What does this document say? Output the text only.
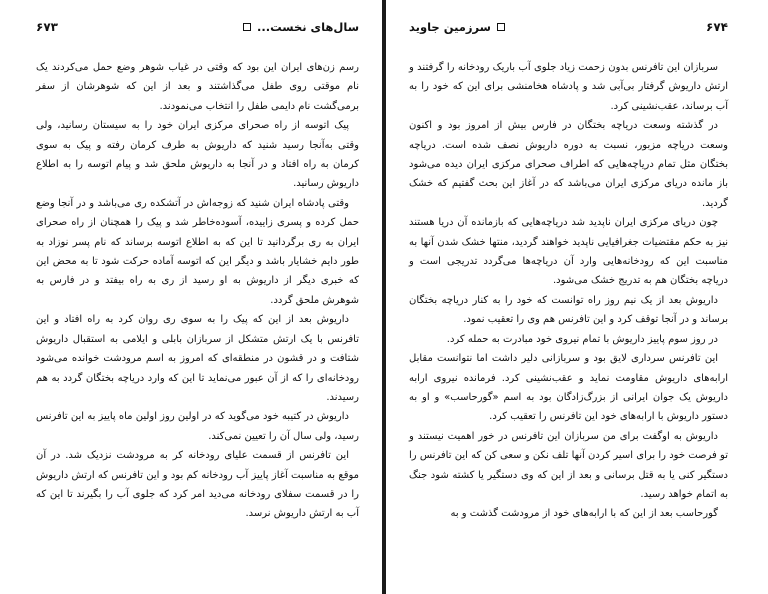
سال‌های نخست...
۶۷۳

رسم زن‌های ایران این بود که وقتی در غیاب شوهر وضع حمل می‌کردند یک نام موقتی روی طفل می‌گذاشتند و بعد از این که شوهرشان از سفر برمی‌گشت نام دایمی طفل را انتخاب می‌نمودند.

پیک اتوسه از راه صحرای مرکزی ایران خود را به سیستان رسانید، ولی وقتی به‌آنجا رسید شنید که داریوش به طرف کرمان رفته و پیک به سوی کرمان به راه افتاد و در آنجا به داریوش ملحق شد و پیام اتوسه را به اطلاع داریوش رسانید.

وقتی پادشاه ایران شنید که زوجه‌اش در آتشکده ری می‌باشد و در آنجا وضع حمل کرده و پسری زاییده، آسوده‌خاطر شد و پیک را همچنان از راه صحرای ایران به ری برگردانید تا این که به اطلاع اتوسه برساند که نام پسر نوزاد به طور دایم خشایار باشد و دیگر این که اتوسه آماده حرکت شود تا به محض این که خبری دیگر از داریوش به او رسید از ری به راه بیفتد و در فارس به شوهرش ملحق گردد.

داریوش بعد از این که پیک را به سوی ری روان کرد به راه افتاد و این تافرنس با یک ارتش متشکل از سربازان بابلی و ایلامی به استقبال داریوش شتافت و در قشون در منطقه‌ای که امروز به اسم مرودشت خوانده می‌شود رودخانه‌ای را که از آن عبور می‌نماید تا این که وارد دریاچه بختگان گردد به هم رسیدند.

داریوش در کتیبه خود می‌گوید که در اولین روز اولین ماه پاییز به این تافرنس رسید، ولی سال آن را تعیین نمی‌کند.

این تافرنس از قسمت علیای رودخانه کر به مرودشت نزدیک شد. در آن موقع به مناسبت آغاز پاییز آب رودخانه کم بود و این تافرنس که ارتش داریوش را در قسمت سفلای رودخانه می‌دید امر کرد که جلوی آب را بگیرند تا این که آب به ارتش داریوش نرسد.

۶۷۴
سرزمین جاوید

سربازان این تافرنس بدون زحمت زیاد جلوی آب باریک رودخانه را گرفتند و ارتش داریوش گرفتار بی‌آبی شد و پادشاه هخامنشی برای این که خود را به آب برساند، عقب‌نشینی کرد.

در گذشته وسعت دریاچه بختگان در فارس بیش از امروز بود و اکنون وسعت دریاچه مزبور، نسبت به دوره داریوش نصف شده است. دریاچه بختگان مثل تمام دریاچه‌هایی که اطراف صحرای مرکزی ایران دیده می‌شود باز مانده دریای مرکزی ایران می‌باشد که در آغاز این بحث گفتیم که خشک گردید.

چون دریای مرکزی ایران ناپدید شد دریاچه‌هایی که بازمانده آن دریا هستند نیز به حکم مقتضیات جغرافیایی ناپدید خواهند گردید، منتها خشک شدن آنها به مناسبت این که رودخانه‌هایی وارد آن دریاچه‌ها می‌گردد تدریجی است و دریاچه بختگان هم به تدریج خشک می‌شود.

داریوش بعد از یک نیم روز راه توانست که خود را به کنار دریاچه بختگان برساند و در آنجا توقف کرد و این تافرنس هم وی را تعقیب نمود.

در روز سوم پاییز داریوش با تمام نیروی خود مبادرت به حمله کرد.

این تافرنس سرداری لایق بود و سربازانی دلیر داشت اما نتوانست مقابل ارابه‌های داریوش مقاومت نماید و عقب‌نشینی کرد. فرمانده نیروی ارابه داریوش یک جوان ایرانی از بزرگ‌زادگان بود به اسم «گورحاسب» و او به دستور داریوش با ارابه‌های خود این تافرنس را تعقیب کرد.

داریوش به اوگفت برای من سربازان این تافرنس در خور اهمیت نیستند و تو فرصت خود را برای اسیر کردن آنها تلف نکن و سعی کن که این تافرنس را دستگیر کنی یا به قتل برسانی و بعد از این که وی دستگیر یا کشته شود جنگ به اتمام خواهد رسید.

گورحاسب بعد از این که با ارابه‌های خود از مرودشت گذشت و به
